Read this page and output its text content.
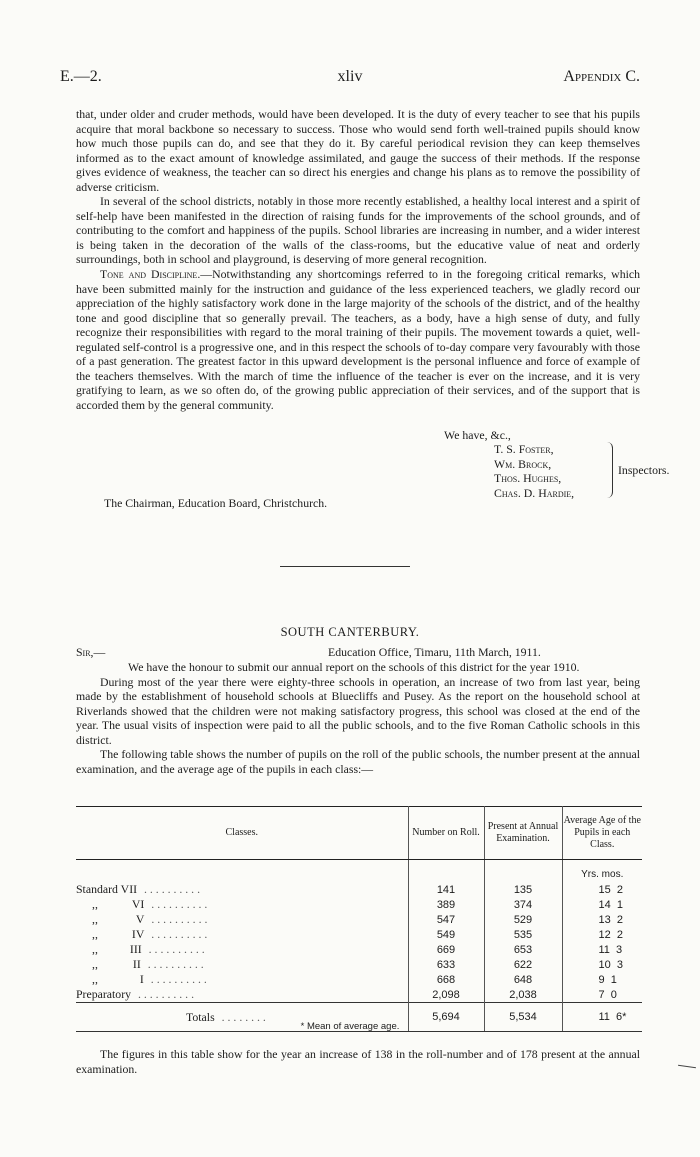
E.—2.	xliv	Appendix C.

that, under older and cruder methods, would have been developed. It is the duty of every teacher to see that his pupils acquire that moral backbone so necessary to success. Those who would send forth well-trained pupils should know how much those pupils can do, and see that they do it. By careful periodical revision they can keep themselves informed as to the exact amount of knowledge assimilated, and gauge the success of their methods. If the response gives evidence of weakness, the teacher can so direct his energies and change his plans as to remove the possibility of adverse criticism.

In several of the school districts, notably in those more recently established, a healthy local interest and a spirit of self-help have been manifested in the direction of raising funds for the improvements of the school grounds, and of contributing to the comfort and happiness of the pupils. School libraries are increasing in number, and a wider interest is being taken in the decoration of the walls of the class-rooms, but the educative value of neat and orderly surroundings, both in school and playground, is deserving of more general recognition.

Tone and Discipline.—Notwithstanding any shortcomings referred to in the foregoing critical remarks, which have been submitted mainly for the instruction and guidance of the less experienced teachers, we gladly record our appreciation of the highly satisfactory work done in the large majority of the schools of the district, and of the healthy tone and good discipline that so generally prevail. The teachers, as a body, have a high sense of duty, and fully recognize their responsibilities with regard to the moral training of their pupils. The movement towards a quiet, well-regulated self-control is a progressive one, and in this respect the schools of to-day compare very favourably with those of a past generation. The greatest factor in this upward development is the personal influence and force of example of the teachers themselves. With the march of time the influence of the teacher is ever on the increase, and it is very gratifying to learn, as we so often do, of the growing public appreciation of their services, and of the support that is accorded them by the general community.

We have, &c.,
T. S. Foster,
Wm. Brock,
Thos. Hughes,
Chas. D. Hardie,
Inspectors.
The Chairman, Education Board, Christchurch.
SOUTH CANTERBURY.
Sir,—	Education Office, Timaru, 11th March, 1911.

We have the honour to submit our annual report on the schools of this district for the year 1910.

During most of the year there were eighty-three schools in operation, an increase of two from last year, being made by the establishment of household schools at Bluecliffs and Pusey. As the report on the household school at Riverlands showed that the children were not making satisfactory progress, this school was closed at the end of the year. The usual visits of inspection were paid to all the public schools, and to the five Roman Catholic schools in this district.

The following table shows the number of pupils on the roll of the public schools, the number present at the annual examination, and the average age of the pupils in each class:—

Classes.	Number on Roll.	Present at Annual Examination.	Average Age of the Pupils in each Class.
			Yrs. mos.
Standard VII . . . . . . . . . .	141	135	15 2
,, VI . . . . . . . . . .	389	374	14 1
,, V . . . . . . . . . .	547	529	13 2
,, IV . . . . . . . . . .	549	535	12 2
,, III . . . . . . . . . .	669	653	11 3
,, II . . . . . . . . . .	633	622	10 3
,, I . . . . . . . . . .	668	648	9 1
Preparatory . . . . . . . . . .	2,098	2,038	7 0
Totals . . . . . . . .	5,694	5,534	11 6*
* Mean of average age.

The figures in this table show for the year an increase of 138 in the roll-number and of 178 present at the annual examination.
